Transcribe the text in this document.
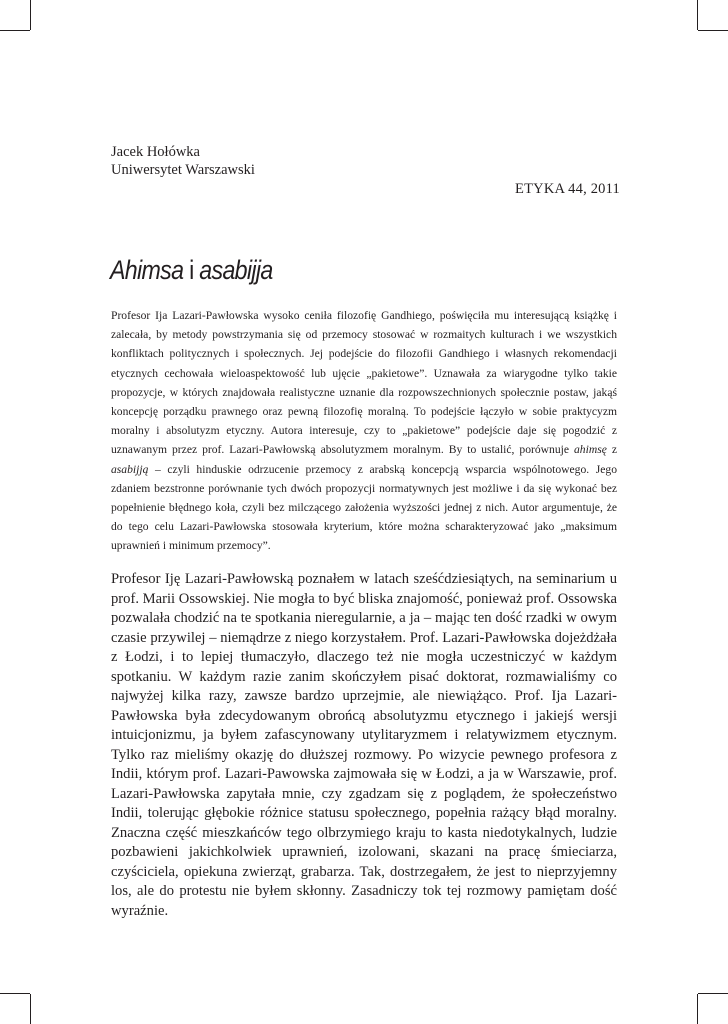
Jacek Hołówka
Uniwersytet Warszawski
ETYKA 44, 2011
Ahimsa i asabijja

Profesor Ija Lazari-Pawłowska wysoko ceniła filozofię Gandhiego, poświęciła mu interesującą książkę i zalecała, by metody powstrzymania się od przemocy stosować w rozmaitych kulturach i we wszystkich konfliktach politycznych i społecznych. Jej podejście do filozofii Gandhiego i własnych rekomendacji etycznych cechowała wieloaspektowość lub ujęcie „pakietowe”. Uznawała za wiarygodne tylko takie propozycje, w których znajdowała realistyczne uznanie dla rozpowszechnionych społecznie postaw, jakąś koncepcję porządku prawnego oraz pewną filozofię moralną. To podejście łączyło w sobie praktycyzm moralny i absolutyzm etyczny. Autora interesuje, czy to „pakietowe” podejście daje się pogodzić z uznawanym przez prof. Lazari-Pawłowską absolutyzmem moralnym. By to ustalić, porównuje ahimsę z asabijją – czyli hinduskie odrzucenie przemocy z arabską koncepcją wsparcia wspólnotowego. Jego zdaniem bezstronne porównanie tych dwóch propozycji normatywnych jest możliwe i da się wykonać bez popełnienie błędnego koła, czyli bez milczącego założenia wyższości jednej z nich. Autor argumentuje, że do tego celu Lazari-Pawłowska stosowała kryterium, które można scharakteryzować jako „maksimum uprawnień i minimum przemocy”.

Profesor Iję Lazari-Pawłowską poznałem w latach sześćdziesiątych, na seminarium u prof. Marii Ossowskiej. Nie mogła to być bliska znajomość, ponieważ prof. Ossowska pozwalała chodzić na te spotkania nieregularnie, a ja – mając ten dość rzadki w owym czasie przywilej – niemądrze z niego korzystałem. Prof. Lazari-Pawłowska dojeżdżała z Łodzi, i to lepiej tłumaczyło, dlaczego też nie mogła uczestniczyć w każdym spotkaniu. W każdym razie zanim skończyłem pisać doktorat, rozmawialiśmy co najwyżej kilka razy, zawsze bardzo uprzejmie, ale niewiążąco. Prof. Ija Lazari-Pawłowska była zdecydowanym obrońcą absolutyzmu etycznego i jakiejś wersji intuicjonizmu, ja byłem zafascynowany utylitaryzmem i relatywizmem etycznym. Tylko raz mieliśmy okazję do dłuższej rozmowy. Po wizycie pewnego profesora z Indii, którym prof. Lazari-Pawowska zajmowała się w Łodzi, a ja w Warszawie, prof. Lazari-Pawłowska zapytała mnie, czy zgadzam się z poglądem, że społeczeństwo Indii, tolerując głębokie różnice statusu społecznego, popełnia rażący błąd moralny. Znaczna część mieszkańców tego olbrzymiego kraju to kasta niedotykalnych, ludzie pozbawieni jakichkolwiek uprawnień, izolowani, skazani na pracę śmieciarza, czyściciela, opiekuna zwierząt, grabarza. Tak, dostrzegałem, że jest to nieprzyjemny los, ale do protestu nie byłem skłonny. Zasadniczy tok tej rozmowy pamiętam dość wyraźnie.
